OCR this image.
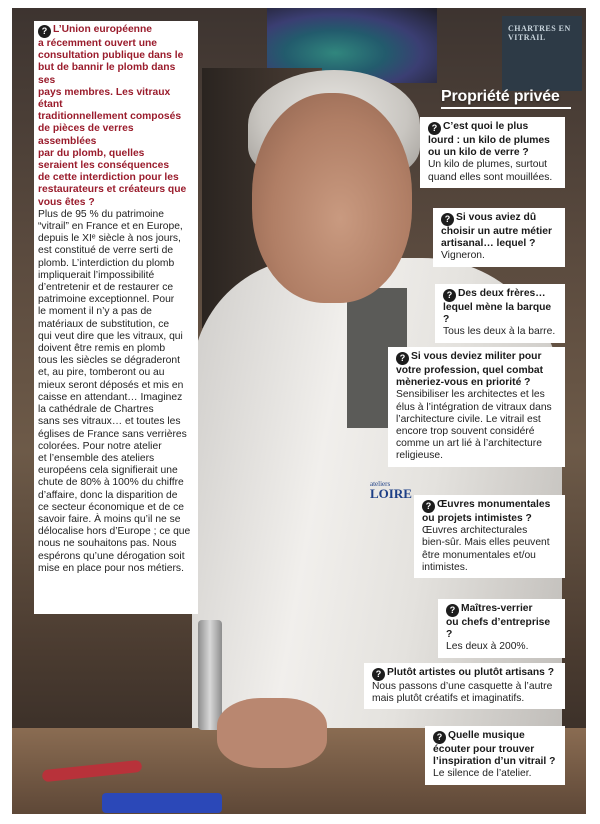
CHARTRES EN VITRAIL
ateliers
LOIRE
? L’Union européenne
a récemment ouvert une
consultation publique dans le
but de bannir le plomb dans ses
pays membres. Les vitraux étant
traditionnellement composés
de pièces de verres assemblées
par du plomb, quelles
seraient les conséquences
de cette interdiction pour les
restaurateurs et créateurs que
vous êtes ?
Plus de 95 % du patrimoine
“vitrail” en France et en Europe,
depuis le XIᵉ siècle à nos jours,
est constitué de verre serti de
plomb. L’interdiction du plomb
impliquerait l’impossibilité
d’entretenir et de restaurer ce
patrimoine exceptionnel. Pour
le moment il n’y a pas de
matériaux de substitution, ce
qui veut dire que les vitraux, qui
doivent être remis en plomb
tous les siècles se dégraderont
et, au pire, tomberont ou au
mieux seront déposés et mis en
caisse en attendant… Imaginez
la cathédrale de Chartres
sans ses vitraux… et toutes les
églises de France sans verrières
colorées. Pour notre atelier
et l’ensemble des ateliers
européens cela signifierait une
chute de 80% à 100% du chiffre
d’affaire, donc la disparition de
ce secteur économique et de ce
savoir faire. À moins qu’il ne se
délocalise hors d’Europe ; ce que
nous ne souhaitons pas. Nous
espérons qu’une dérogation soit
mise en place pour nos métiers.
Propriété privée
? C’est quoi le plus
lourd : un kilo de plumes
ou un kilo de verre ?
Un kilo de plumes, surtout
quand elles sont mouillées.
? Si vous aviez dû
choisir un autre métier
artisanal… lequel ?
Vigneron.
? Des deux frères…
lequel mène la barque ?
Tous les deux à la barre.
? Si vous deviez militer pour
votre profession, quel combat
mèneriez-vous en priorité ?
Sensibiliser les architectes et les
élus à l’intégration de vitraux dans
l’architecture civile. Le vitrail est
encore trop souvent considéré
comme un art lié à l’architecture
religieuse.
? Œuvres monumentales
ou projets intimistes ?
Œuvres architecturales
bien-sûr. Mais elles peuvent
être monumentales et/ou
intimistes.
? Maîtres-verrier
ou chefs d’entreprise ?
Les deux à 200%.
? Plutôt artistes ou plutôt artisans ?
Nous passons d’une casquette à l’autre
mais plutôt créatifs et imaginatifs.
? Quelle musique
écouter pour trouver
l’inspiration d’un vitrail ?
Le silence de l’atelier.
